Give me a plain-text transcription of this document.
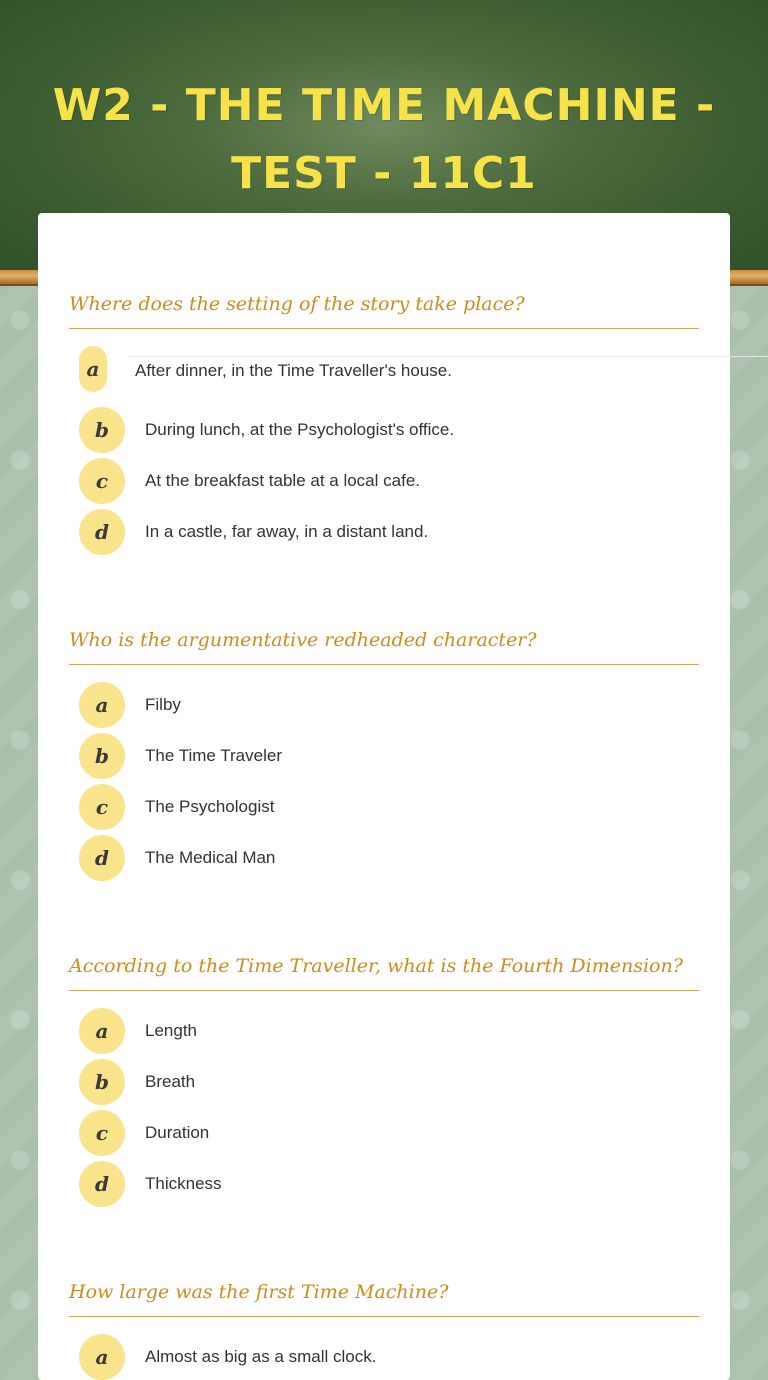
W2 - THE TIME MACHINE - TEST - 11C1
Where does the setting of the story take place?
a	After dinner, in the Time Traveller's house.
b	During lunch, at the Psychologist's office.
c	At the breakfast table at a local cafe.
d	In a castle, far away, in a distant land.
Who is the argumentative redheaded character?
a	Filby
b	The Time Traveler
c	The Psychologist
d	The Medical Man
According to the Time Traveller, what is the Fourth Dimension?
a	Length
b	Breath
c	Duration
d	Thickness
How large was the first Time Machine?
a	Almost as big as a small clock.
